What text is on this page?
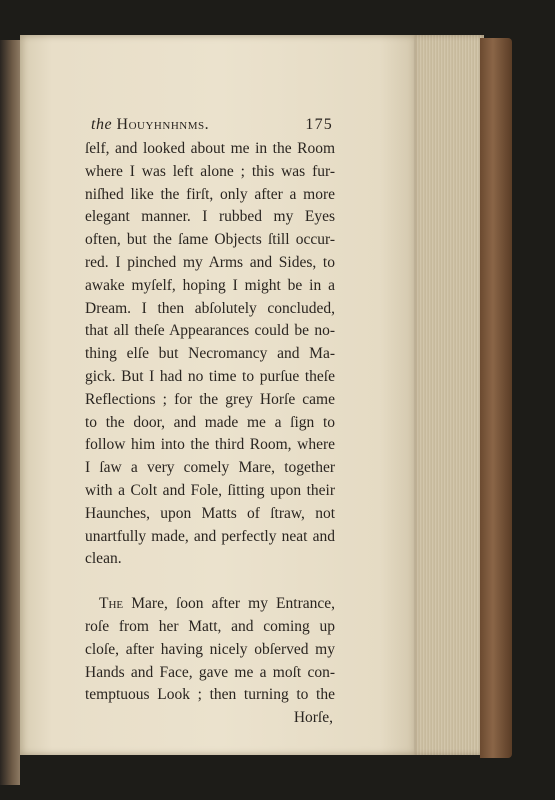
the Houyhnhnms.	175
ſelf, and looked about me in the Room
where I was left alone ; this was fur-
niſhed like the firſt, only after a more
elegant manner. I rubbed my Eyes
often, but the ſame Objects ſtill occur-
red. I pinched my Arms and Sides, to
awake myſelf, hoping I might be in a
Dream. I then abſolutely concluded,
that all theſe Appearances could be no-
thing elſe but Necromancy and Ma-
gick. But I had no time to purſue theſe
Reflections ; for the grey Horſe came
to the door, and made me a ſign to
follow him into the third Room, where
I ſaw a very comely Mare, together
with a Colt and Fole, ſitting upon their
Haunches, upon Matts of ſtraw, not
unartfully made, and perfectly neat and
clean.
The Mare, ſoon after my Entrance,
roſe from her Matt, and coming up
cloſe, after having nicely obſerved my
Hands and Face, gave me a moſt con-
temptuous Look ; then turning to the
Horſe,
